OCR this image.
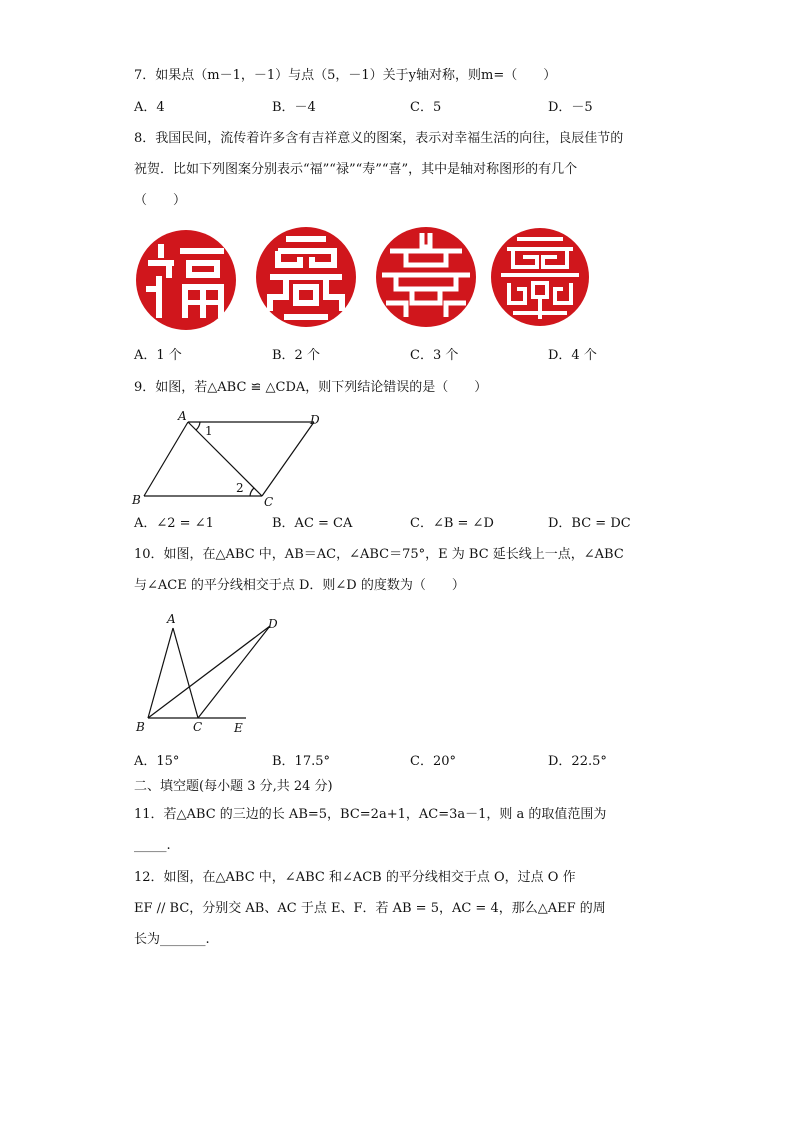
7．如果点（m－1，－1）与点（5，－1）关于y轴对称，则m=（　　）
A．4	B．－4	C．5	D．－5
8．我国民间，流传着许多含有吉祥意义的图案，表示对幸福生活的向往，良辰佳节的
祝贺．比如下列图案分别表示“福”“禄”“寿”“喜”，其中是轴对称图形的有几个
（　　）
A．1 个	B．2 个	C．3 个	D．4 个
9．如图，若△ABC ≌ △CDA，则下列结论错误的是（　　）
A	D
B	C
1
2
A．∠2 = ∠1	B．AC = CA	C．∠B = ∠D	D．BC = DC
10．如图，在△ABC 中，AB＝AC，∠ABC＝75°，E 为 BC 延长线上一点，∠ABC
与∠ACE 的平分线相交于点 D．则∠D 的度数为（　　）
A	D
B	C	E
A．15°	B．17.5°	C．20°	D．22.5°
二、填空题(每小题 3 分,共 24 分)
11．若△ABC 的三边的长 AB=5，BC=2a+1，AC=3a－1，则 a 的取值范围为
_____.
12．如图，在△ABC 中，∠ABC 和∠ACB 的平分线相交于点 O，过点 O 作
EF // BC，分别交 AB、AC 于点 E、F．若 AB = 5，AC = 4，那么△AEF 的周
长为_______.
